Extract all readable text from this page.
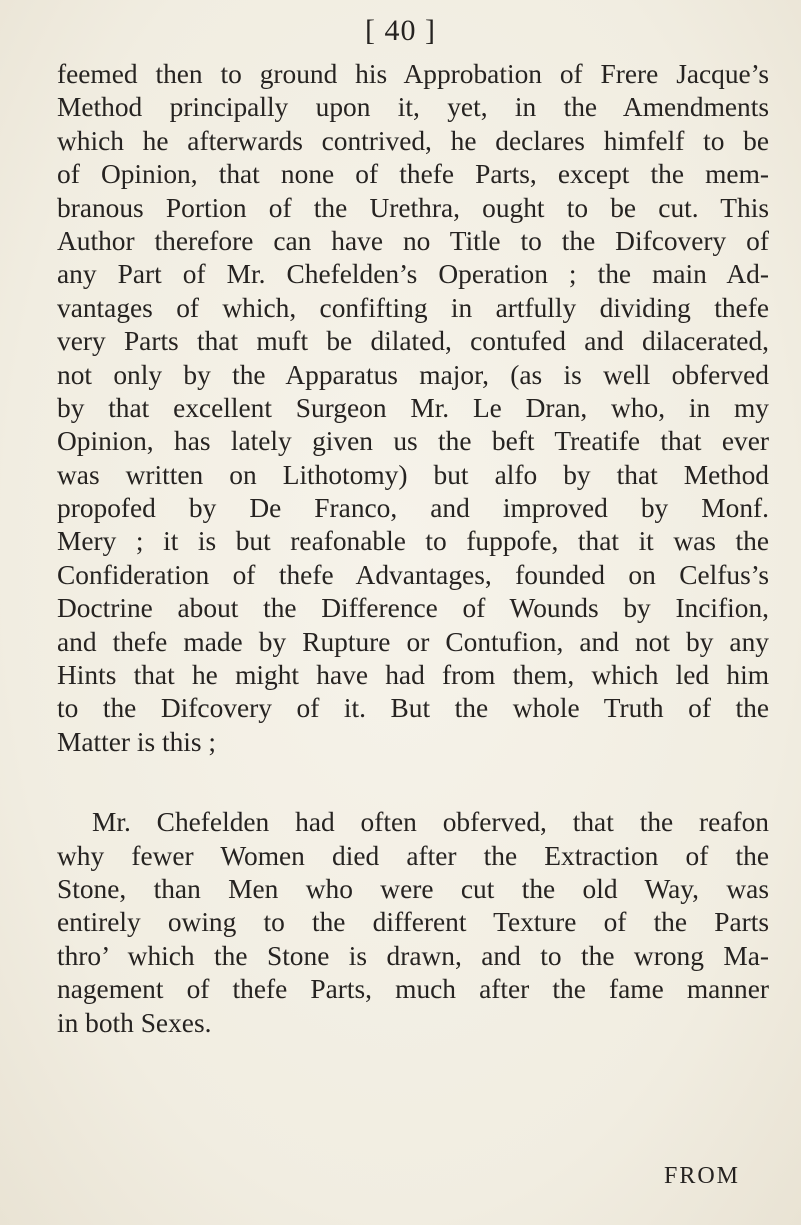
[ 40 ]
feemed then to ground his Approbation of Frere Jacque’s
Method principally upon it, yet, in the Amendments
which he afterwards contrived, he declares himfelf to be
of Opinion, that none of thefe Parts, except the mem-
branous Portion of the Urethra, ought to be cut. This
Author therefore can have no Title to the Difcovery of
any Part of Mr. Chefelden’s Operation ; the main Ad-
vantages of which, confifting in artfully dividing thefe
very Parts that muft be dilated, contufed and dilacerated,
not only by the Apparatus major, (as is well obferved
by that excellent Surgeon Mr. Le Dran, who, in my
Opinion, has lately given us the beft Treatife that ever
was written on Lithotomy) but alfo by that Method
propofed by De Franco, and improved by Monf.
Mery ; it is but reafonable to fuppofe, that it was the
Confideration of thefe Advantages, founded on Celfus’s
Doctrine about the Difference of Wounds by Incifion,
and thefe made by Rupture or Contufion, and not by any
Hints that he might have had from them, which led him
to the Difcovery of it. But the whole Truth of the
Matter is this ;
Mr. Chefelden had often obferved, that the reafon
why fewer Women died after the Extraction of the
Stone, than Men who were cut the old Way, was
entirely owing to the different Texture of the Parts
thro’ which the Stone is drawn, and to the wrong Ma-
nagement of thefe Parts, much after the fame manner
in both Sexes.
FROM
